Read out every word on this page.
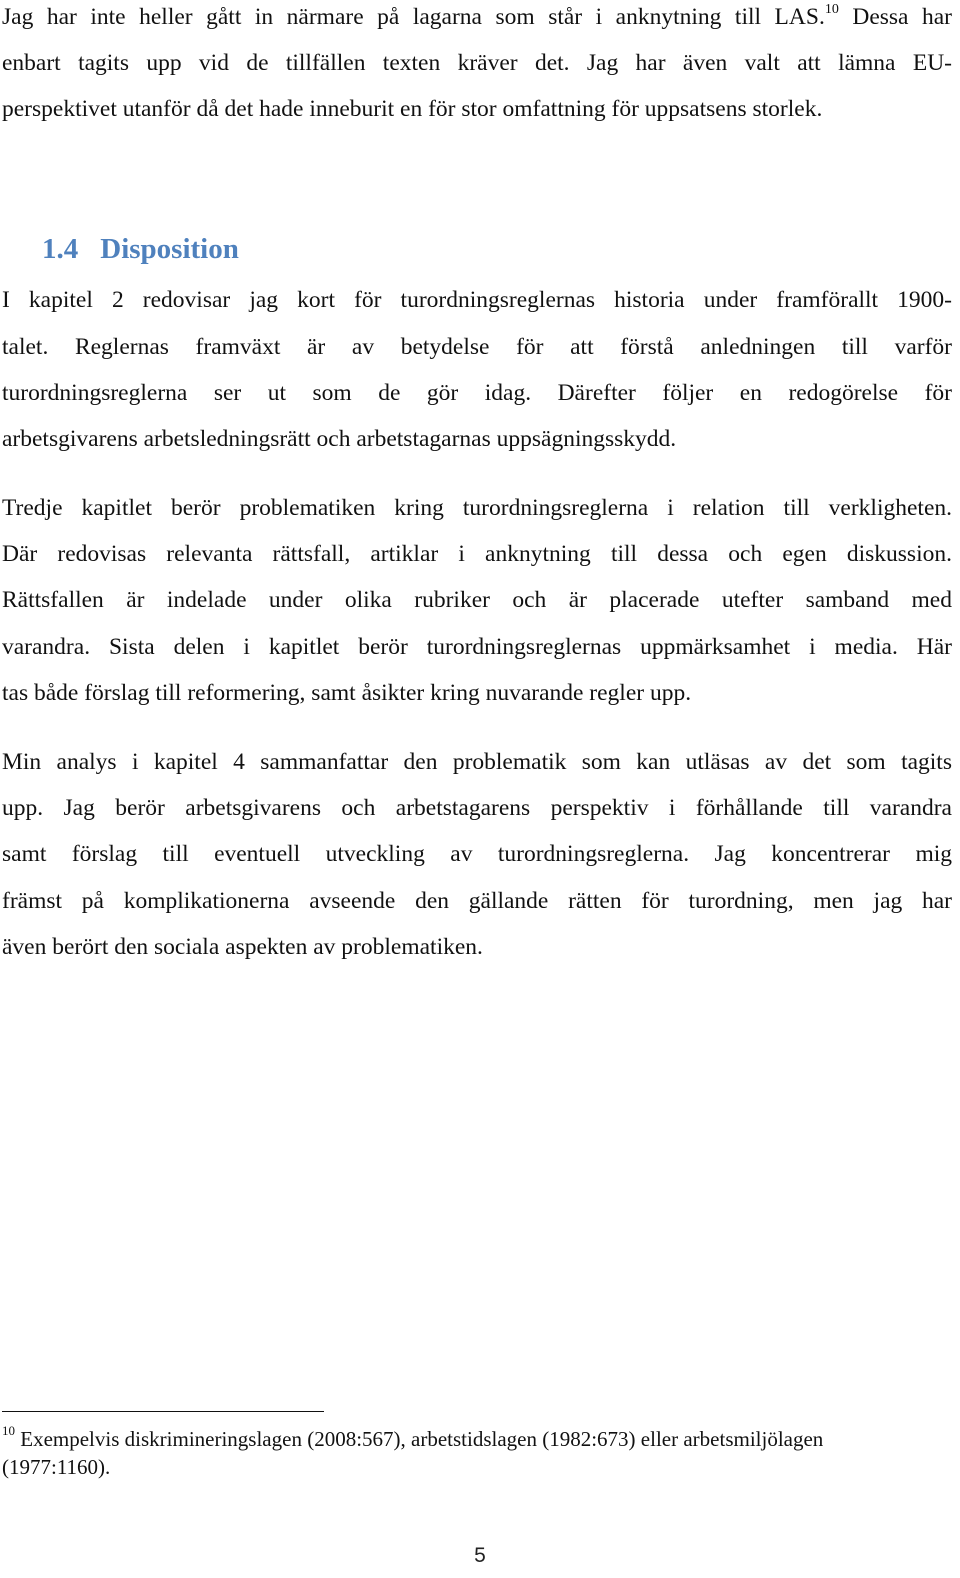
Jag har inte heller gått in närmare på lagarna som står i anknytning till LAS.$^{10}$ Dessa har
enbart tagits upp vid de tillfällen texten kräver det. Jag har även valt att lämna EU-
perspektivet utanför då det hade inneburit en för stor omfattning för uppsatsens storlek.
1.4 Disposition
I kapitel 2 redovisar jag kort för turordningsreglernas historia under framförallt 1900-
talet. Reglernas framväxt är av betydelse för att förstå anledningen till varför
turordningsreglerna ser ut som de gör idag. Därefter följer en redogörelse för
arbetsgivarens arbetsledningsrätt och arbetstagarnas uppsägningsskydd.
Tredje kapitlet berör problematiken kring turordningsreglerna i relation till verkligheten.
Där redovisas relevanta rättsfall, artiklar i anknytning till dessa och egen diskussion.
Rättsfallen är indelade under olika rubriker och är placerade utefter samband med
varandra. Sista delen i kapitlet berör turordningsreglernas uppmärksamhet i media. Här
tas både förslag till reformering, samt åsikter kring nuvarande regler upp.
Min analys i kapitel 4 sammanfattar den problematik som kan utläsas av det som tagits
upp. Jag berör arbetsgivarens och arbetstagarens perspektiv i förhållande till varandra
samt förslag till eventuell utveckling av turordningsreglerna. Jag koncentrerar mig
främst på komplikationerna avseende den gällande rätten för turordning, men jag har
även berört den sociala aspekten av problematiken.
$^{10}$ Exempelvis diskrimineringslagen (2008:567), arbetstidslagen (1982:673) eller arbetsmiljölagen
(1977:1160).
5
